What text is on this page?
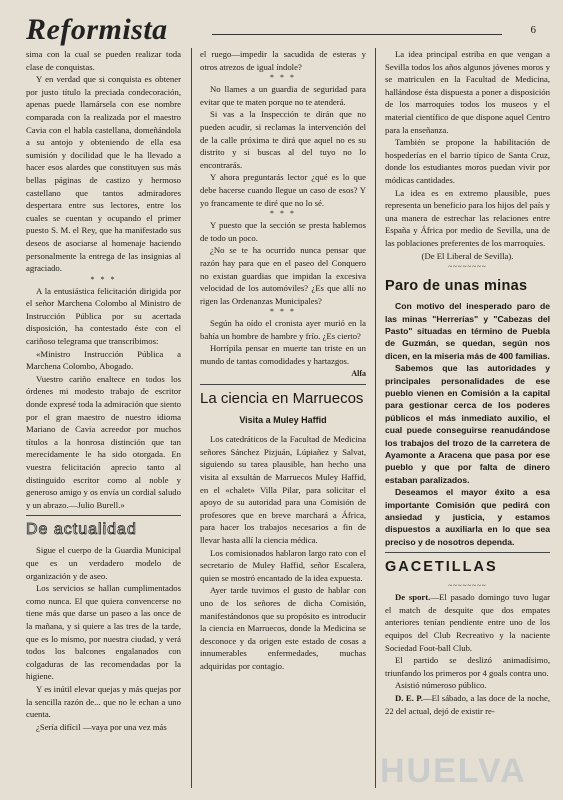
Reformista	6

sima con la cual se pueden realizar toda clase de conquistas.

Y en verdad que si conquista es obtener por justo título la preciada condecoración, apenas puede llamársela con ese nombre comparada con la realizada por el maestro Cavia con el habla castellana, domeñándola a su antojo y obteniendo de ella esa sumisión y docilidad que le ha llevado a hacer esos alardes que constituyen sus más bellas páginas de castizo y hermoso castellano que tantos admiradores despertara entre sus lectores, entre los cuales se cuentan y ocupando el primer puesto S. M. el Rey, que ha manifestado sus deseos de asociarse al homenaje haciendo personalmente la entrega de las insignias al agraciado.

* * *

A la entusiástica felicitación dirigida por el señor Marchena Colombo al Ministro de Instrucción Pública por su acertada disposición, ha contestado éste con el cariñoso telegrama que transcribimos:

«Ministro Instrucción Pública a Marchena Colombo, Abogado.

Vuestro cariño enaltece en todos los órdenes mi modesto trabajo de escritor donde expresé toda la admiración que siento por el gran maestro de nuestro idioma Mariano de Cavia acreedor por muchos títulos a la honrosa distinción que tan merecidamente le ha sido otorgada. En vuestra felicitación aprecio tanto al distinguido escritor como al noble y generoso amigo y os envía un cordial saludo y un abrazo.—Julio Burell.»

De actualidad

Sigue el cuerpo de la Guardia Municipal que es un verdadero modelo de organización y de aseo.

Los servicios se hallan cumplimentados como nunca. El que quiera convencerse no tiene más que darse un paseo a las once de la mañana, y si quiere a las tres de la tarde, que es lo mismo, por nuestra ciudad, y verá todos los balcones engalanados con colgaduras de las recomendadas por la higiene.

Y es inútil elevar quejas y más quejas por la sencilla razón de... que no le echan a uno cuenta.

¿Sería difícil —vaya por una vez más

el ruego—impedir la sacudida de esteras y otros atrezos de igual índole?

* * *

No llames a un guardia de seguridad para evitar que te maten porque no te atenderá.

Si vas a la Inspección te dirán que no pueden acudir, si reclamas la intervención del de la calle próxima te dirá que aquel no es su distrito y si buscas al del tuyo no lo encontrarás.

Y ahora preguntarás lector ¿qué es lo que debe hacerse cuando llegue un caso de esos? Y yo francamente te diré que no lo sé.

* * *

Y puesto que la sección se presta hablemos de todo un poco.

¿No se te ha ocurrido nunca pensar que razón hay para que en el paseo del Conquero no existan guardias que impidan la excesiva velocidad de los automóviles? ¿Es que allí no rigen las Ordenanzas Municipales?

* * *

Según ha oído el cronista ayer murió en la bahía un hombre de hambre y frío. ¿Es cierto?

Horrípila pensar en muerte tan triste en un mundo de tantas comodidades y hartazgos.

Alfa
La ciencia en Marruecos
Visita a Muley Haffid

Los catedráticos de la Facultad de Medicina señores Sánchez Pizjuán, Lúpiañez y Salvat, siguiendo su tarea plausible, han hecho una visita al exsultán de Marruecos Muley Haffid, en el «chalet» Villa Pilar, para solicitar el apoyo de su autoridad para una Comisión de profesores que en breve marchará a África, para hacer los trabajos necesarios a fin de llevar hasta allí la ciencia médica.

Los comisionados hablaron largo rato con el secretario de Muley Haffid, señor Escalera, quien se mostró encantado de la idea expuesta.

Ayer tarde tuvimos el gusto de hablar con uno de los señores de dicha Comisión, manifestándonos que su propósito es introducir la ciencia en Marruecos, donde la Medicina se desconoce y da origen este estado de cosas a innumerables enfermedades, muchas adquiridas por contagio.

La idea principal estriba en que vengan a Sevilla todos los años algunos jóvenes moros y se matriculen en la Facultad de Medicina, hallándose ésta dispuesta a poner a disposición de los marroquíes todos los museos y el material científico de que dispone aquel Centro para la enseñanza.

También se propone la habilitación de hospederías en el barrio típico de Santa Cruz, donde los estudiantes moros puedan vivir por módicas cantidades.

La idea es en extremo plausible, pues representa un beneficio para los hijos del país y una manera de estrechar las relaciones entre España y África por medio de Sevilla, una de las poblaciones preferentes de los marroquíes.

(De El Liberal de Sevilla).
~~~~~~~~
Paro de unas minas

Con motivo del inesperado paro de las minas "Herrerías" y "Cabezas del Pasto" situadas en término de Puebla de Guzmán, se quedan, según nos dicen, en la miseria más de 400 familias.

Sabemos que las autoridades y principales personalidades de ese pueblo vienen en Comisión a la capital para gestionar cerca de los poderes públicos el más inmediato auxilio, el cual puede conseguirse reanudándose los trabajos del trozo de la carretera de Ayamonte a Aracena que pasa por ese pueblo y que por falta de dinero estaban paralizados.

Deseamos el mayor éxito a esa importante Comisión que pedirá con ansiedad y justicia, y estamos dispuestos a auxiliarla en lo que sea preciso y de nosotros dependa.

GACETILLAS
~~~~~~~~

De sport.—El pasado domingo tuvo lugar el match de desquite que dos empates anteriores tenían pendiente entre uno de los equipos del Club Recreativo y la naciente Sociedad Foot-ball Club.

El partido se deslizó animadísimo, triunfando los primeros por 4 goals contra uno.

Asistió númeroso público.

D. E. P.—El sábado, a las doce de la noche, 22 del actual, dejó de existir re-

HUELVA
